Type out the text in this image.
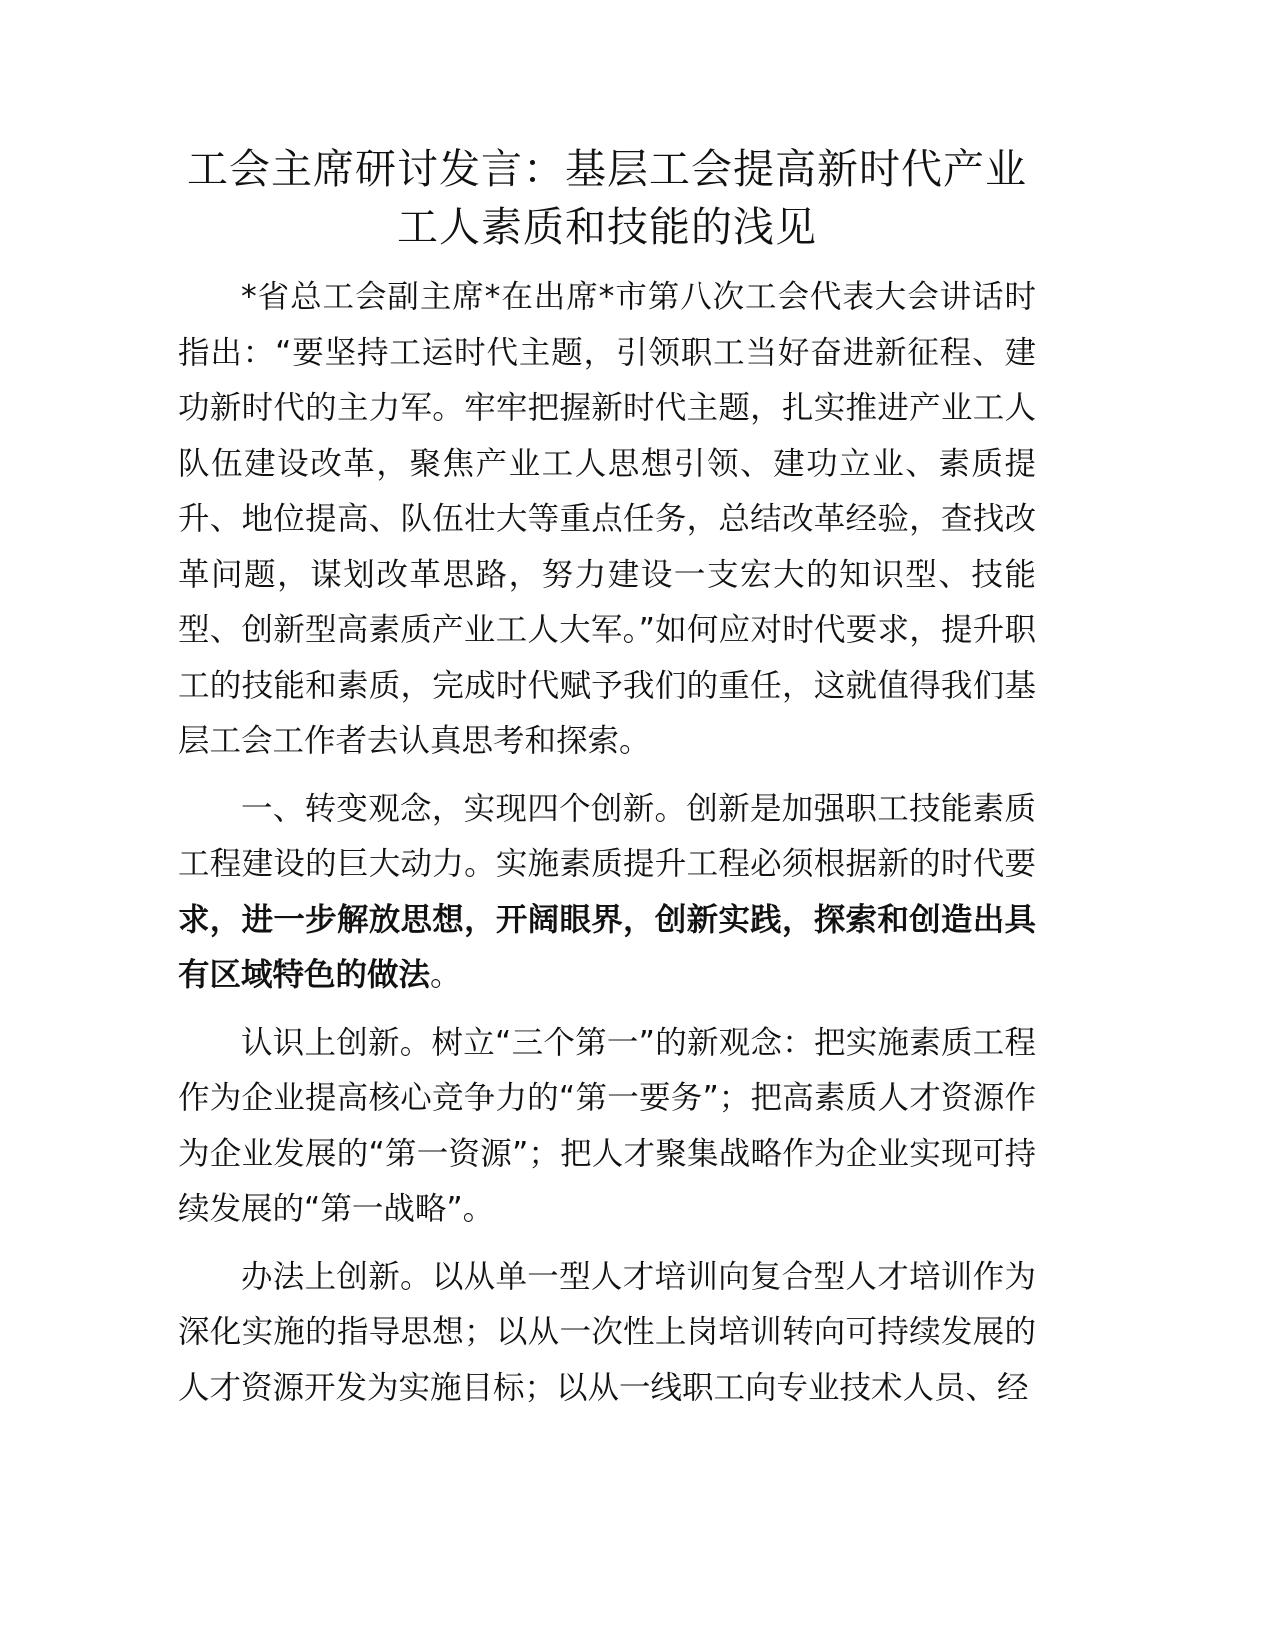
工会主席研讨发言：基层工会提高新时代产业
工人素质和技能的浅见

*省总工会副主席*在出席*市第八次工会代表大会讲话时指出：“要坚持工运时代主题，引领职工当好奋进新征程、建功新时代的主力军。牢牢把握新时代主题，扎实推进产业工人队伍建设改革，聚焦产业工人思想引领、建功立业、素质提升、地位提高、队伍壮大等重点任务，总结改革经验，查找改革问题，谋划改革思路，努力建设一支宏大的知识型、技能型、创新型高素质产业工人大军。”如何应对时代要求，提升职工的技能和素质，完成时代赋予我们的重任，这就值得我们基层工会工作者去认真思考和探索。

一、转变观念，实现四个创新。创新是加强职工技能素质工程建设的巨大动力。实施素质提升工程必须根据新的时代要求，进一步解放思想，开阔眼界，创新实践，探索和创造出具有区域特色的做法。

认识上创新。树立“三个第一”的新观念：把实施素质工程作为企业提高核心竞争力的“第一要务”；把高素质人才资源作为企业发展的“第一资源”；把人才聚集战略作为企业实现可持续发展的“第一战略”。

办法上创新。以从单一型人才培训向复合型人才培训作为深化实施的指导思想；以从一次性上岗培训转向可持续发展的人才资源开发为实施目标；以从一线职工向专业技术人员、经
